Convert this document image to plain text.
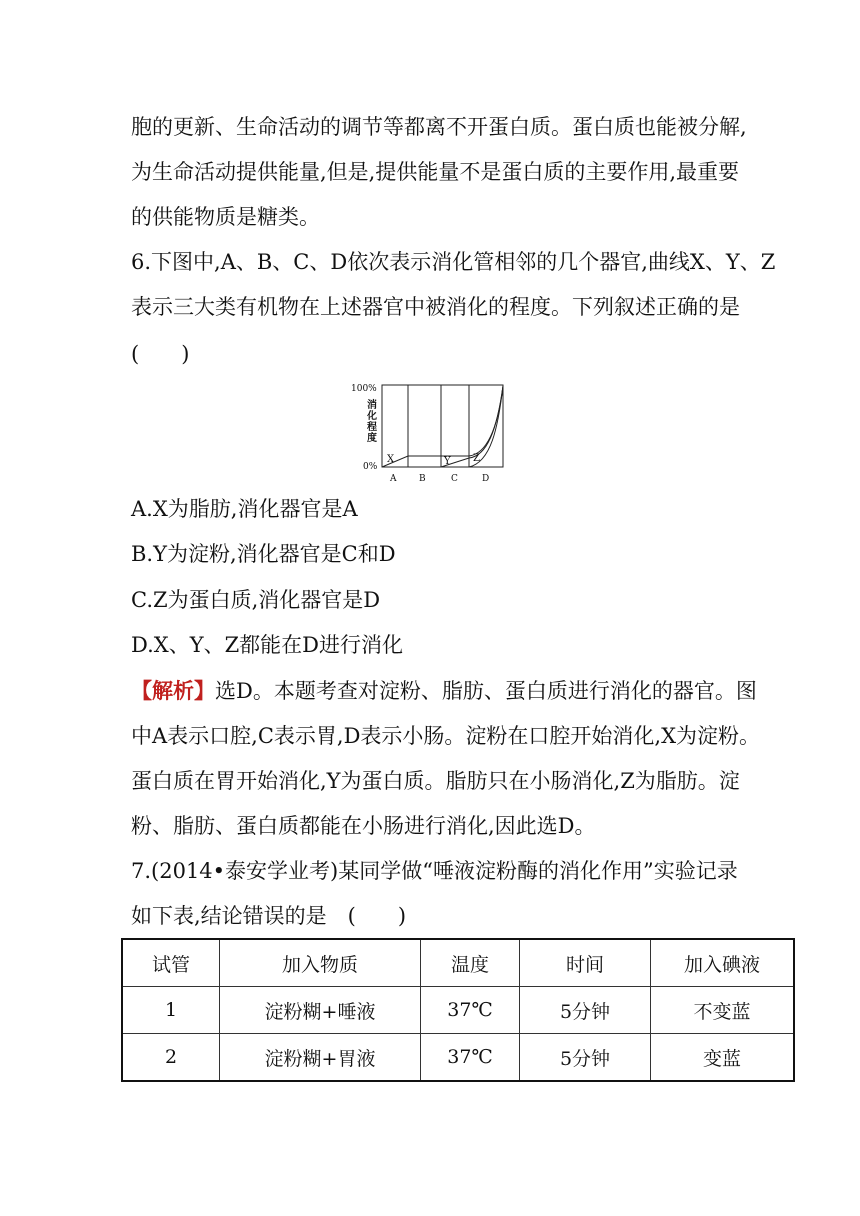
胞的更新、生命活动的调节等都离不开蛋白质。蛋白质也能被分解,
为生命活动提供能量,但是,提供能量不是蛋白质的主要作用,最重要
的供能物质是糖类。
6.下图中,A、B、C、D依次表示消化管相邻的几个器官,曲线X、Y、Z
表示三大类有机物在上述器官中被消化的程度。下列叙述正确的是
(　　)
100%
0%
消化程度
X	Y Z
A	B	C	D
A.X为脂肪,消化器官是A
B.Y为淀粉,消化器官是C和D
C.Z为蛋白质,消化器官是D
D.X、Y、Z都能在D进行消化
【解析】选D。本题考查对淀粉、脂肪、蛋白质进行消化的器官。图
中A表示口腔,C表示胃,D表示小肠。淀粉在口腔开始消化,X为淀粉。
蛋白质在胃开始消化,Y为蛋白质。脂肪只在小肠消化,Z为脂肪。淀
粉、脂肪、蛋白质都能在小肠进行消化,因此选D。
7.(2014•泰安学业考)某同学做“唾液淀粉酶的消化作用”实验记录
如下表,结论错误的是　(　　)
试管	加入物质	温度	时间	加入碘液
1	淀粉糊+唾液	37℃	5分钟	不变蓝
2	淀粉糊+胃液	37℃	5分钟	变蓝
